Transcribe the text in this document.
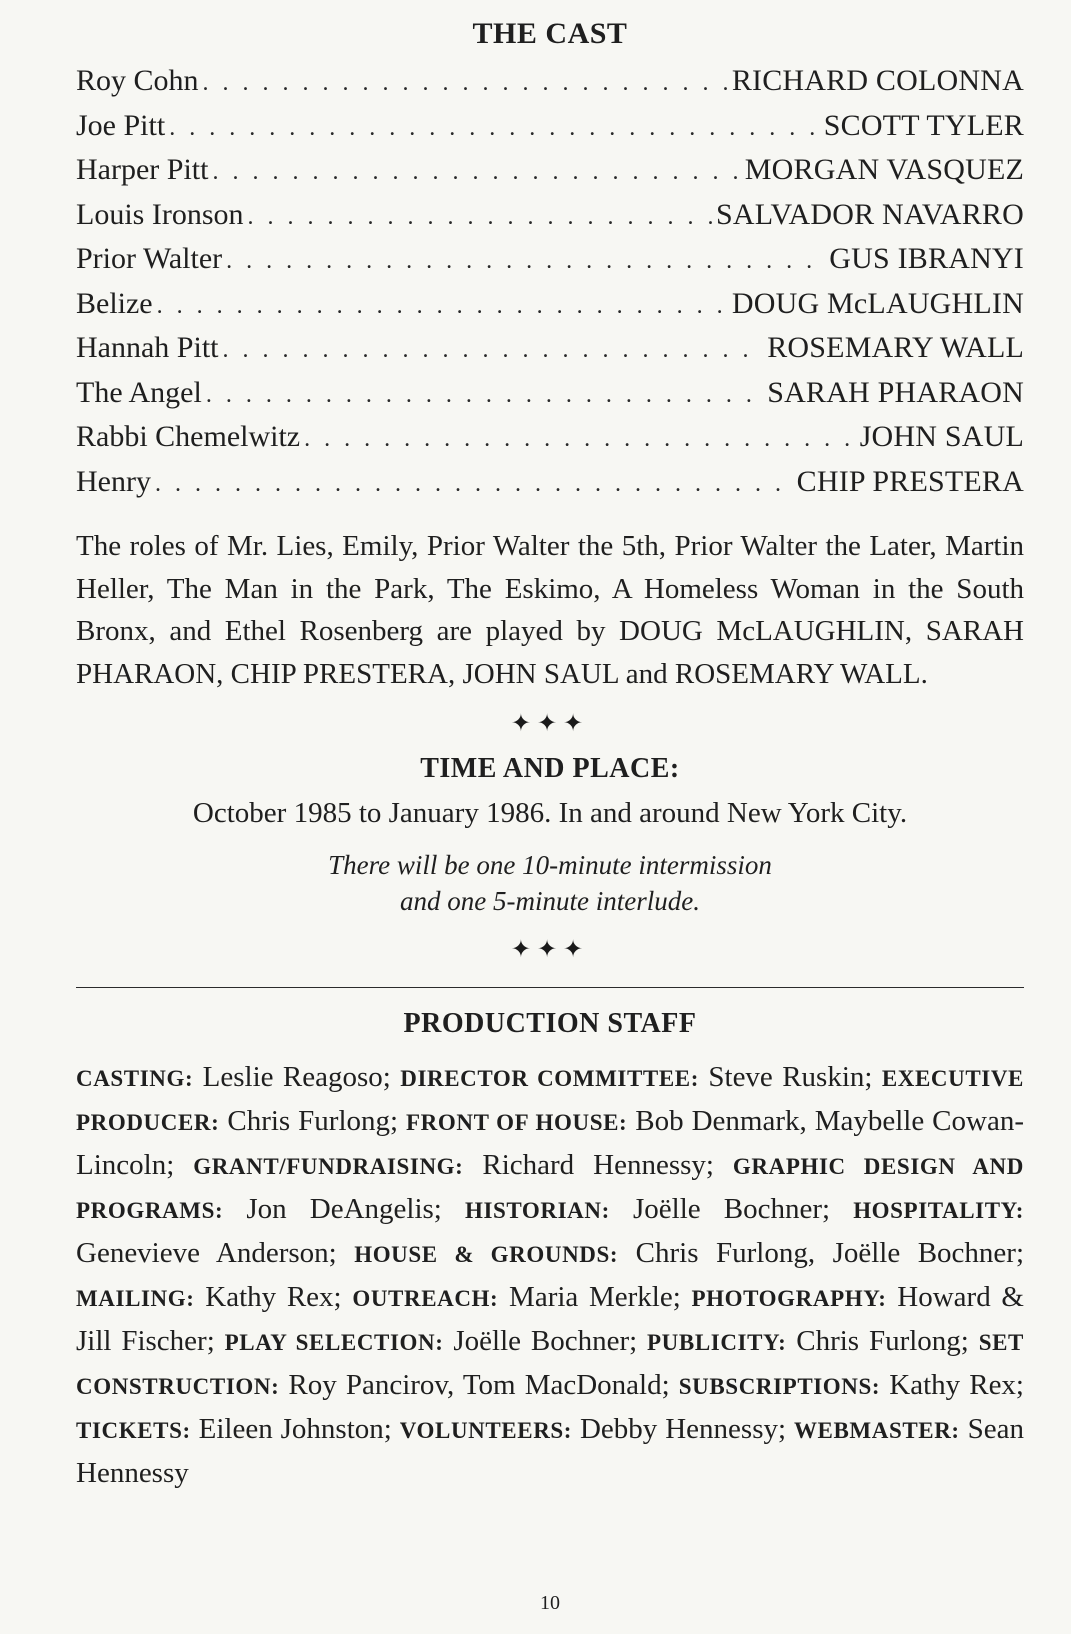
THE CAST
Roy Cohn . . .	RICHARD COLONNA
Joe Pitt . . .	SCOTT TYLER
Harper Pitt . . .	MORGAN VASQUEZ
Louis Ironson . . .	SALVADOR NAVARRO
Prior Walter . . .	GUS IBRANYI
Belize . . .	DOUG McLAUGHLIN
Hannah Pitt . . .	ROSEMARY WALL
The Angel . . .	SARAH PHARAON
Rabbi Chemelwitz . . .	JOHN SAUL
Henry . . .	CHIP PRESTERA

The roles of Mr. Lies, Emily, Prior Walter the 5th, Prior Walter the Later, Martin Heller, The Man in the Park, The Eskimo, A Homeless Woman in the South Bronx, and Ethel Rosenberg are played by DOUG McLAUGHLIN, SARAH PHARAON, CHIP PRESTERA, JOHN SAUL and ROSEMARY WALL.

✦✦✦
TIME AND PLACE:
October 1985 to January 1986. In and around New York City.
There will be one 10-minute intermission
and one 5-minute interlude.
✦✦✦
PRODUCTION STAFF
CASTING: Leslie Reagoso; DIRECTOR COMMITTEE: Steve Ruskin; EXECUTIVE PRODUCER: Chris Furlong; FRONT OF HOUSE: Bob Denmark, Maybelle Cowan-Lincoln; GRANT/FUNDRAISING: Richard Hennessy; GRAPHIC DESIGN AND PROGRAMS: Jon DeAngelis; HISTORIAN: Joëlle Bochner; HOSPITALITY: Genevieve Anderson; HOUSE & GROUNDS: Chris Furlong, Joëlle Bochner; MAILING: Kathy Rex; OUTREACH: Maria Merkle; PHOTOGRAPHY: Howard & Jill Fischer; PLAY SELECTION: Joëlle Bochner; PUBLICITY: Chris Furlong; SET CONSTRUCTION: Roy Pancirov, Tom MacDonald; SUBSCRIPTIONS: Kathy Rex; TICKETS: Eileen Johnston; VOLUNTEERS: Debby Hennessy; WEBMASTER: Sean Hennessy
10
